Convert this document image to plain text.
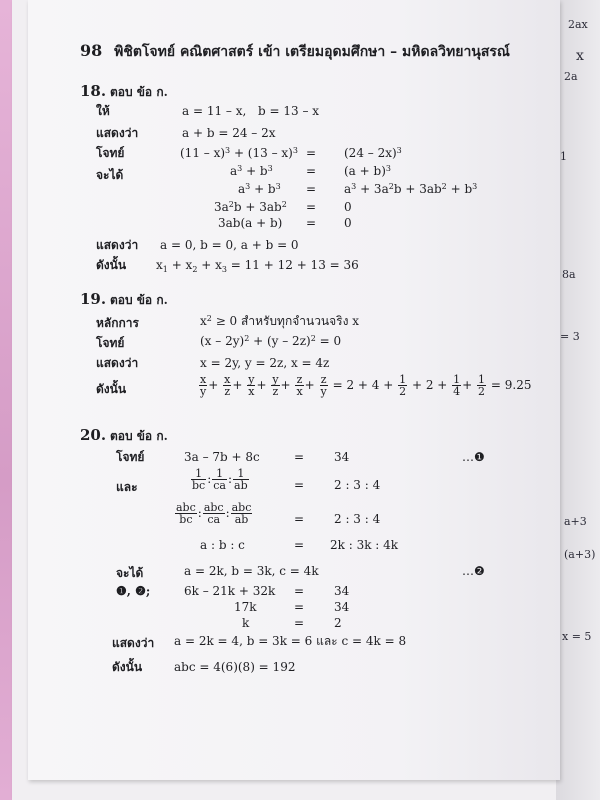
2ax
x
2a
1
8a
= 3
a+3
(a+3)
x = 5
98 พิชิตโจทย์ คณิตศาสตร์ เข้า เตรียมอุดมศึกษา – มหิดลวิทยานุสรณ์
18. ตอบ ข้อ ก.
ให้	a = 11 – x, b = 13 – x
แสดงว่า	a + b = 24 – 2x
โจทย์	(11 – x)$^3$ + (13 – x)$^3$ = (24 – 2x)$^3$
จะได้	$a^3 + b^3$	= $(a + b)^3$
$a^3 + b^3 = a^3 + 3a^2b + 3ab^2 + b^3$
$3a^2b + 3ab^2 = 0$
3ab(a + b) = 0
แสดงว่า a = 0, b = 0, a + b = 0
ดังนั้น $x_1 + x_2 + x_3 = 11 + 12 + 13 = 36$
19. ตอบ ข้อ ก.
หลักการ	$x^2 \ge 0$ สำหรับทุกจำนวนจริง x
โจทย์	(x – 2y)$^2$ + (y – 2z)$^2$ = 0
แสดงว่า	x = 2y, y = 2z, x = 4z
ดังนั้น	$\frac{x}{y} + \frac{x}{z} + \frac{y}{x} + \frac{y}{z} + \frac{z}{x} + \frac{z}{y} = 2 + 4 + \frac{1}{2} + 2 + \frac{1}{4} + \frac{1}{2} = 9.25$
20. ตอบ ข้อ ก.
โจทย์	3a – 7b + 8c	= 34	…❶
และ	$\frac{1}{bc}$ : $\frac{1}{ca}$ : $\frac{1}{ab}$	= 2 : 3 : 4
$\frac{\text{abc}}{bc}$ : $\frac{\text{abc}}{ca}$ : $\frac{\text{abc}}{ab}$	= 2 : 3 : 4
a : b : c	= 2k : 3k : 4k
จะได้	a = 2k, b = 3k, c = 4k	…❷
❶, ❷;	6k – 21k + 32k = 34
17k	= 34
k	= 2
แสดงว่า a = 2k = 4, b = 3k = 6 และ c = 4k = 8
ดังนั้น	abc = 4(6)(8) = 192
